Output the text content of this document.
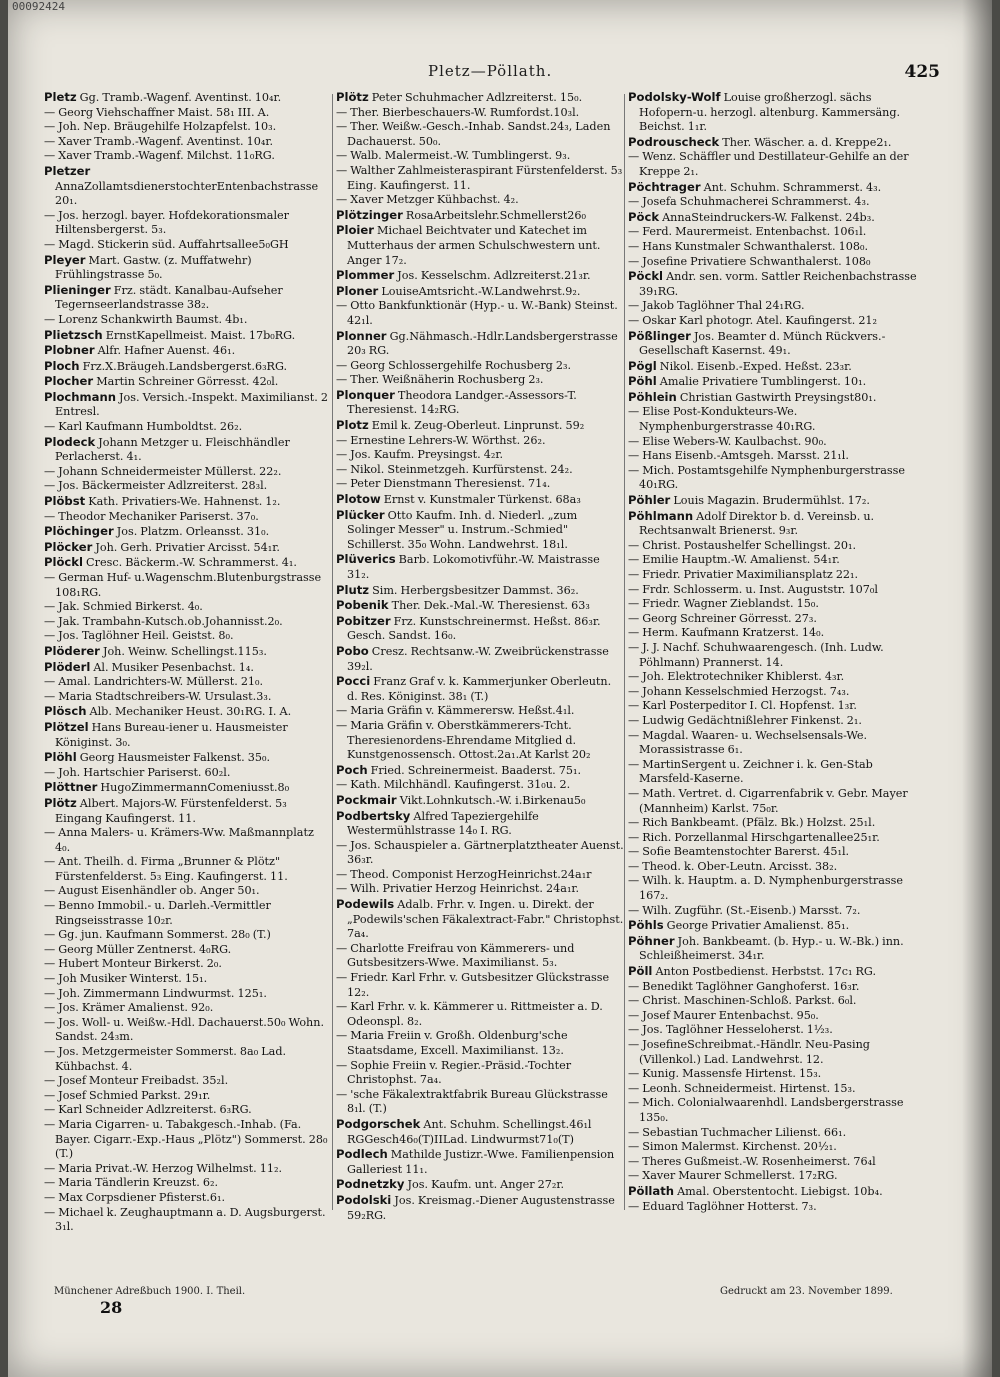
00092424
Pletz—Pöllath.	425
Pletz Gg. Tramb.-Wagenf. Aventinst. 10₄r.
— Georg Viehschaffner Maist. 58₁ III. A.
— Joh. Nep. Bräugehilfe Holzapfelst. 10₃.
— Xaver Tramb.-Wagenf. Aventinst. 10₄r.
— Xaver Tramb.-Wagenf. Milchst. 11₀RG.
Pletzer AnnaZollamtsdienerstochterEntenbachstrasse 20₁.
— Jos. herzogl. bayer. Hofdekorationsmaler Hiltensbergerst. 5₃.
— Magd. Stickerin süd. Auffahrtsallee5₀GH
Pleyer Mart. Gastw. (z. Muffatwehr) Frühlingstrasse 5₀.
Plieninger Frz. städt. Kanalbau-Aufseher Tegernseerlandstrasse 38₂.
— Lorenz Schankwirth Baumst. 4b₁.
Plietzsch ErnstKapellmeist. Maist. 17b₀RG.
Plobner Alfr. Hafner Auenst. 46₁.
Ploch Frz.X.Bräugeh.Landsbergerst.6₃RG.
Plocher Martin Schreiner Görresst. 42₀l.
Plochmann Jos. Versich.-Inspekt. Maximilianst. 2 Entresl.
— Karl Kaufmann Humboldtst. 26₂.
Plodeck Johann Metzger u. Fleischhändler Perlacherst. 4₁.
— Johann Schneidermeister Müllerst. 22₂.
— Jos. Bäckermeister Adlzreiterst. 28₃l.
Plöbst Kath. Privatiers-We. Hahnenst. 1₂.
— Theodor Mechaniker Pariserst. 37₀.
Plöchinger Jos. Platzm. Orleansst. 31₀.
Plöcker Joh. Gerh. Privatier Arcisst. 54₁r.
Plöckl Cresc. Bäckerm.-W. Schrammerst. 4₁.
— German Huf- u.Wagenschm.Blutenburgstrasse 108₁RG.
— Jak. Schmied Birkerst. 4₀.
— Jak. Trambahn-Kutsch.ob.Johannisst.2₀.
— Jos. Taglöhner Heil. Geistst. 8₀.
Plöderer Joh. Weinw. Schellingst.115₃.
Plöderl Al. Musiker Pesenbachst. 1₄.
— Amal. Landrichters-W. Müllerst. 21₀.
— Maria Stadtschreibers-W. Ursulast.3₃.
Plösch Alb. Mechaniker Heust. 30₁RG. I. A.
Plötzel Hans Bureau-iener u. Hausmeister Königinst. 3₀.
Plöhl Georg Hausmeister Falkenst. 35₀.
— Joh. Hartschier Pariserst. 60₂l.
Plöttner HugoZimmermannComeniusst.8₀
Plötz Albert. Majors-W. Fürstenfelderst. 5₃ Eingang Kaufingerst. 11.
— Anna Malers- u. Krämers-Ww. Maßmannplatz 4₀.
— Ant. Theilh. d. Firma „Brunner & Plötz" Fürstenfelderst. 5₃ Eing. Kaufingerst. 11.
— August Eisenhändler ob. Anger 50₁.
— Benno Immobil.- u. Darleh.-Vermittler Ringseisstrasse 10₂r.
— Gg. jun. Kaufmann Sommerst. 28₀ (T.)
— Georg Müller Zentnerst. 4₀RG.
— Hubert Monteur Birkerst. 2₀.
— Joh Musiker Winterst. 15₁.
— Joh. Zimmermann Lindwurmst. 125₁.
— Jos. Krämer Amalienst. 92₀.
— Jos. Woll- u. Weißw.-Hdl. Dachauerst.50₀ Wohn. Sandst. 24₃m.
— Jos. Metzgermeister Sommerst. 8a₀ Lad. Kühbachst. 4.
— Josef Monteur Freibadst. 35₂l.
— Josef Schmied Parkst. 29₁r.
— Karl Schneider Adlzreiterst. 6₃RG.
— Maria Cigarren- u. Tabakgesch.-Inhab. (Fa. Bayer. Cigarr.-Exp.-Haus „Plötz") Sommerst. 28₀ (T.)
— Maria Privat.-W. Herzog Wilhelmst. 11₂.
— Maria Tändlerin Kreuzst. 6₂.
— Max Corpsdiener Pfisterst.6₁.
— Michael k. Zeughauptmann a. D. Augsburgerst. 3₁l.
Plötz Peter Schuhmacher Adlzreiterst. 15₀.
— Ther. Bierbeschauers-W. Rumfordst.10₃l.
— Ther. Weißw.-Gesch.-Inhab. Sandst.24₃, Laden Dachauerst. 50₀.
— Walb. Malermeist.-W. Tumblingerst. 9₃.
— Walther Zahlmeisteraspirant Fürstenfelderst. 5₃ Eing. Kaufingerst. 11.
— Xaver Metzger Kühbachst. 4₂.
Plötzinger RosaArbeitslehr.Schmellerst26₀
Ploier Michael Beichtvater und Katechet im Mutterhaus der armen Schulschwestern unt. Anger 17₂.
Plommer Jos. Kesselschm. Adlzreiterst.21₃r.
Ploner LouiseAmtsricht.-W.Landwehrst.9₂.
— Otto Bankfunktionär (Hyp.- u. W.-Bank) Steinst. 42₁l.
Plonner Gg.Nähmasch.-Hdlr.Landsbergerstrasse 20₃ RG.
— Georg Schlossergehilfe Rochusberg 2₃.
— Ther. Weißnäherin Rochusberg 2₃.
Plonquer Theodora Landger.-Assessors-T. Theresienst. 14₂RG.
Plotz Emil k. Zeug-Oberleut. Linprunst. 59₂
— Ernestine Lehrers-W. Wörthst. 26₂.
— Jos. Kaufm. Preysingst. 4₂r.
— Nikol. Steinmetzgeh. Kurfürstenst. 24₂.
— Peter Dienstmann Theresienst. 71₄.
Plotow Ernst v. Kunstmaler Türkenst. 68a₃
Plücker Otto Kaufm. Inh. d. Niederl. „zum Solinger Messer" u. Instrum.-Schmied" Schillerst. 35₀ Wohn. Landwehrst. 18₁l.
Plüverics Barb. Lokomotivführ.-W. Maistrasse 31₂.
Plutz Sim. Herbergsbesitzer Dammst. 36₂.
Pobenik Ther. Dek.-Mal.-W. Theresienst. 63₃
Pobitzer Frz. Kunstschreinermst. Heßst. 86₃r. Gesch. Sandst. 16₀.
Pobo Cresz. Rechtsanw.-W. Zweibrückenstrasse 39₂l.
Pocci Franz Graf v. k. Kammerjunker Oberleutn. d. Res. Königinst. 38₁ (T.)
— Maria Gräfin v. Kämmerersw. Heßst.4₁l.
— Maria Gräfin v. Oberstkämmerers-Tcht. Theresienordens-Ehrendame Mitglied d. Kunstgenossensch. Ottost.2a₁.At Karlst 20₂
Poch Fried. Schreinermeist. Baaderst. 75₁.
— Kath. Milchhändl. Kaufingerst. 31₀u. 2.
Pockmair Vikt.Lohnkutsch.-W. i.Birkenau5₀
Podbertsky Alfred Tapeziergehilfe Westermühlstrasse 14₀ I. RG.
— Jos. Schauspieler a. Gärtnerplatztheater Auenst. 36₃r.
— Theod. Componist HerzogHeinrichst.24a₁r
— Wilh. Privatier Herzog Heinrichst. 24a₁r.
Podewils Adalb. Frhr. v. Ingen. u. Direkt. der „Podewils'schen Fäkalextract-Fabr." Christophst. 7a₄.
— Charlotte Freifrau von Kämmerers- und Gutsbesitzers-Wwe. Maximilianst. 5₃.
— Friedr. Karl Frhr. v. Gutsbesitzer Glückstrasse 12₂.
— Karl Frhr. v. k. Kämmerer u. Rittmeister a. D. Odeonspl. 8₂.
— Maria Freiin v. Großh. Oldenburg'sche Staatsdame, Excell. Maximilianst. 13₂.
— Sophie Freiin v. Regier.-Präsid.-Tochter Christophst. 7a₄.
— 'sche Fäkalextraktfabrik Bureau Glückstrasse 8₁l. (T.)
Podgorschek Ant. Schuhm. Schellingst.46₁l RGGesch46₀(T)IILad. Lindwurmst71₀(T)
Podlech Mathilde Justizr.-Wwe. Familienpension Galleriest 11₁.
Podnetzky Jos. Kaufm. unt. Anger 27₂r.
Podolski Jos. Kreismag.-Diener Augustenstrasse 59₂RG.
Podolsky-Wolf Louise großherzogl. sächs Hofopern-u. herzogl. altenburg. Kammersäng. Beichst. 1₁r.
Podrouscheck Ther. Wäscher. a. d. Kreppe2₁.
— Wenz. Schäffler und Destillateur-Gehilfe an der Kreppe 2₁.
Pöchtrager Ant. Schuhm. Schrammerst. 4₃.
— Josefa Schuhmacherei Schrammerst. 4₃.
Pöck AnnaSteindruckers-W. Falkenst. 24b₃.
— Ferd. Maurermeist. Entenbachst. 106₁l.
— Hans Kunstmaler Schwanthalerst. 108₀.
— Josefine Privatiere Schwanthalerst. 108₀
Pöckl Andr. sen. vorm. Sattler Reichenbachstrasse 39₁RG.
— Jakob Taglöhner Thal 24₁RG.
— Oskar Karl photogr. Atel. Kaufingerst. 21₂
Pößlinger Jos. Beamter d. Münch Rückvers.-Gesellschaft Kasernst. 49₁.
Pögl Nikol. Eisenb.-Exped. Heßst. 23₃r.
Pöhl Amalie Privatiere Tumblingerst. 10₁.
Pöhlein Christian Gastwirth Preysingst80₁.
— Elise Post-Kondukteurs-We. Nymphenburgerstrasse 40₁RG.
— Elise Webers-W. Kaulbachst. 90₀.
— Hans Eisenb.-Amtsgeh. Marsst. 21₁l.
— Mich. Postamtsgehilfe Nymphenburgerstrasse 40₁RG.
Pöhler Louis Magazin. Brudermühlst. 17₂.
Pöhlmann Adolf Direktor b. d. Vereinsb. u. Rechtsanwalt Brienerst. 9₃r.
— Christ. Postaushelfer Schellingst. 20₁.
— Emilie Hauptm.-W. Amalienst. 54₁r.
— Friedr. Privatier Maximiliansplatz 22₁.
— Frdr. Schlosserm. u. Inst. Auguststr. 107₀l
— Friedr. Wagner Zieblandst. 15₀.
— Georg Schreiner Görresst. 27₃.
— Herm. Kaufmann Kratzerst. 14₀.
— J. J. Nachf. Schuhwaarengesch. (Inh. Ludw. Pöhlmann) Prannerst. 14.
— Joh. Elektrotechniker Khiblerst. 4₃r.
— Johann Kesselschmied Herzogst. 7₄₃.
— Karl Posterpeditor I. Cl. Hopfenst. 1₃r.
— Ludwig Gedächtnißlehrer Finkenst. 2₁.
— Magdal. Waaren- u. Wechselsensals-We. Morassistrasse 6₁.
— MartinSergent u. Zeichner i. k. Gen-Stab Marsfeld-Kaserne.
— Math. Vertret. d. Cigarrenfabrik v. Gebr. Mayer (Mannheim) Karlst. 75₀r.
— Rich Bankbeamt. (Pfälz. Bk.) Holzst. 25₁l.
— Rich. Porzellanmal Hirschgartenallee25₁r.
— Sofie Beamtenstochter Barerst. 45₁l.
— Theod. k. Ober-Leutn. Arcisst. 38₂.
— Wilh. k. Hauptm. a. D. Nymphenburgerstrasse 167₂.
— Wilh. Zugführ. (St.-Eisenb.) Marsst. 7₂.
Pöhls George Privatier Amalienst. 85₁.
Pöhner Joh. Bankbeamt. (b. Hyp.- u. W.-Bk.) inn. Schleißheimerst. 34₁r.
Pöll Anton Postbedienst. Herbstst. 17c₁ RG.
— Benedikt Taglöhner Ganghoferst. 16₃r.
— Christ. Maschinen-Schloß. Parkst. 6₀l.
— Josef Maurer Entenbachst. 95₀.
— Jos. Taglöhner Hesseloherst. 1½₃.
— JosefineSchreibmat.-Händlr. Neu-Pasing (Villenkol.) Lad. Landwehrst. 12.
— Kunig. Massensfe Hirtenst. 15₃.
— Leonh. Schneidermeist. Hirtenst. 15₃.
— Mich. Colonialwaarenhdl. Landsbergerstrasse 135₀.
— Sebastian Tuchmacher Lilienst. 66₁.
— Simon Malermst. Kirchenst. 20½₁.
— Theres Gußmeist.-W. Rosenheimerst. 76₄l
— Xaver Maurer Schmellerst. 17₂RG.
Pöllath Amal. Oberstentocht. Liebigst. 10b₄.
— Eduard Taglöhner Hotterst. 7₃.
Münchener Adreßbuch 1900. I. Theil.
28
Gedruckt am 23. November 1899.
